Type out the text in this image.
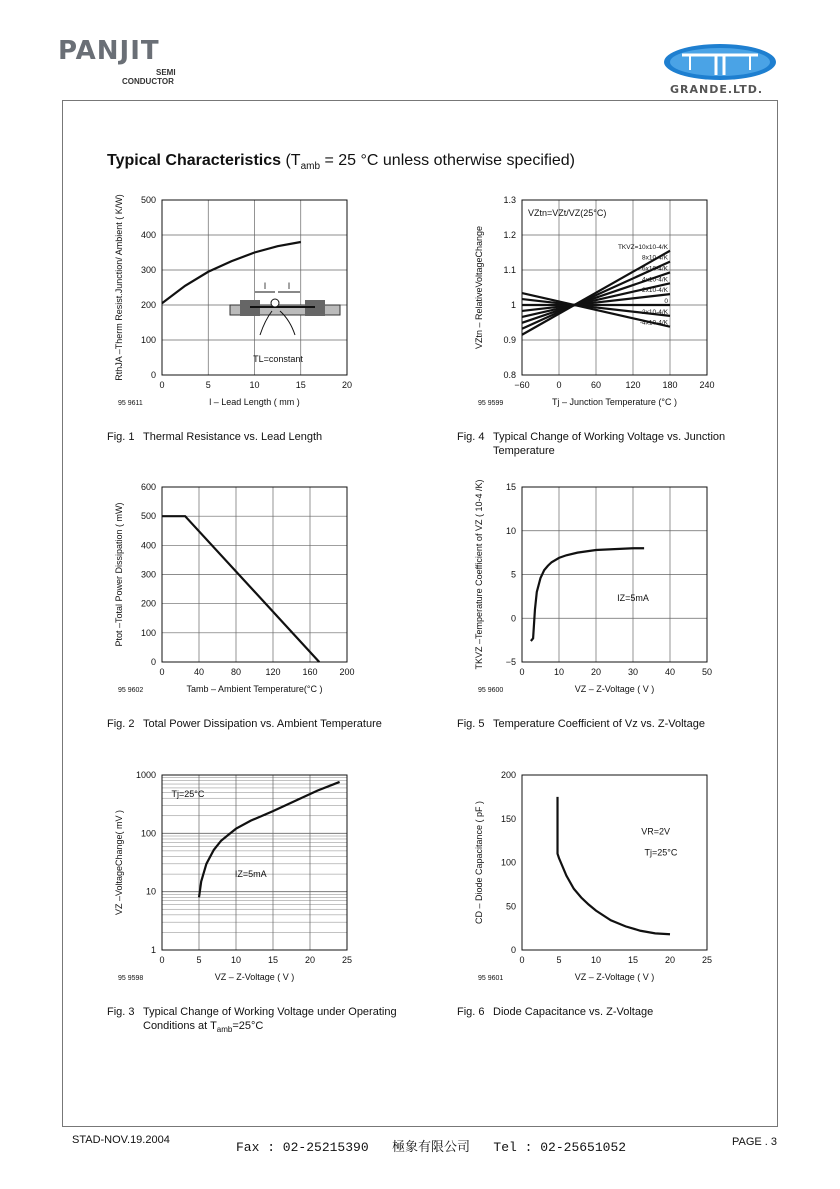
PANJIT
SEMI
CONDUCTOR
GRANDE.LTD.
Typical Characteristics ($T_{amb} = 25$ °C unless otherwise specified)
0	5	10	15	20
0
100
200
300
400
500
l – Lead Length ( mm )
RthJA –Therm Resist.Junction/ Ambient ( K/W)
95 9611
l l
TL=constant
−60	0	60	120 180 240
0.8
0.9
1
1.1
1.2
1.3
Tj – Junction Temperature (°C )
VZtn – RelativeVoltageChange
95 9599
TKVZ=10x10-4/K
8x10-4/K
6x10-4/K
4x10-4/K
2x10-4/K
0
-2x10-4/K
-4x10-4/K
VZtn=VZt/VZ(25°C)
0	40	80	120 160 200
0
100
200
300
400
500
600
Tamb – Ambient Temperature(°C )
Ptot –Total Power Dissipation ( mW)
95 9602
0	10	20	30	40	50
−5
0
5
10
15
VZ – Z-Voltage ( V )
TKVZ –Temperature Coefficient of VZ ( 10-4 /K)
95 9600
IZ=5mA
0	5	10	15	20	25
1
10
100
1000
VZ – Z-Voltage ( V )
VZ –VoltageChange( mV )
95 9598
Tj=25°C
IZ=5mA
0	5	10	15	20	25
0
50
100
150
200
VZ – Z-Voltage ( V )
CD – Diode Capacitance ( pF )
95 9601
VR=2V
Tj=25°C
Fig. 1 Thermal Resistance vs. Lead Length	Fig. 4 Typical Change of Working Voltage vs. Junction
Temperature
Fig. 2 Total Power Dissipation vs. Ambient Temperature	Fig. 5 Temperature Coefficient of Vz vs. Z-Voltage
Fig. 3 Typical Change of Working Voltage under Operating
Conditions at $T_{amb}=25^\circ C$
Fig. 6 Diode Capacitance vs. Z-Voltage
STAD-NOV.19.2004	Fax : 02-25215390   極象有限公司   Tel : 02-25651052	PAGE . 3
